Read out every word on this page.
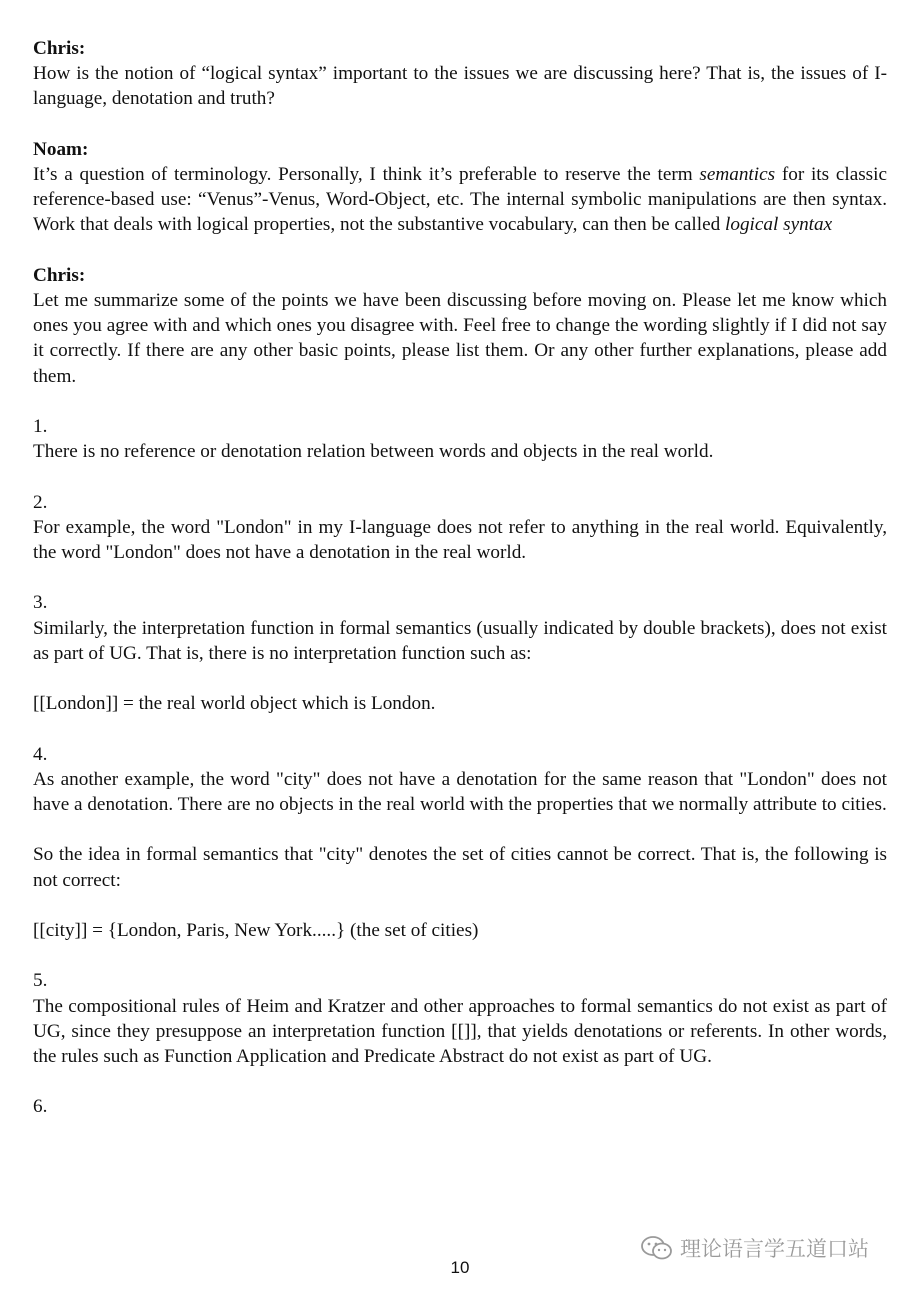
Chris:

How is the notion of “logical syntax” important to the issues we are discussing here? That is, the issues of I-language, denotation and truth?

Noam:

It’s a question of terminology. Personally, I think it’s preferable to reserve the term semantics for its classic reference-based use: “Venus”-Venus, Word-Object, etc. The internal symbolic manipulations are then syntax. Work that deals with logical properties, not the substantive vocabulary, can then be called logical syntax

Chris:

Let me summarize some of the points we have been discussing before moving on. Please let me know which ones you agree with and which ones you disagree with. Feel free to change the wording slightly if I did not say it correctly. If there are any other basic points, please list them. Or any other further explanations, please add them.

1.

There is no reference or denotation relation between words and objects in the real world.

2.

For example, the word "London" in my I-language does not refer to anything in the real world. Equivalently, the word "London" does not have a denotation in the real world.

3.

Similarly, the interpretation function in formal semantics (usually indicated by double brackets), does not exist as part of UG. That is, there is no interpretation function such as:

[[London]] = the real world object which is London.

4.

As another example, the word "city" does not have a denotation for the same reason that "London" does not have a denotation. There are no objects in the real world with the properties that we normally attribute to cities.

So the idea in formal semantics that "city" denotes the set of cities cannot be correct. That is, the following is not correct:

[[city]] = {London, Paris, New York.....} (the set of cities)

5.

The compositional rules of Heim and Kratzer and other approaches to formal semantics do not exist as part of UG, since they presuppose an interpretation function [[]], that yields denotations or referents. In other words, the rules such as Function Application and Predicate Abstract do not exist as part of UG.

6.

10
理论语言学五道口站
